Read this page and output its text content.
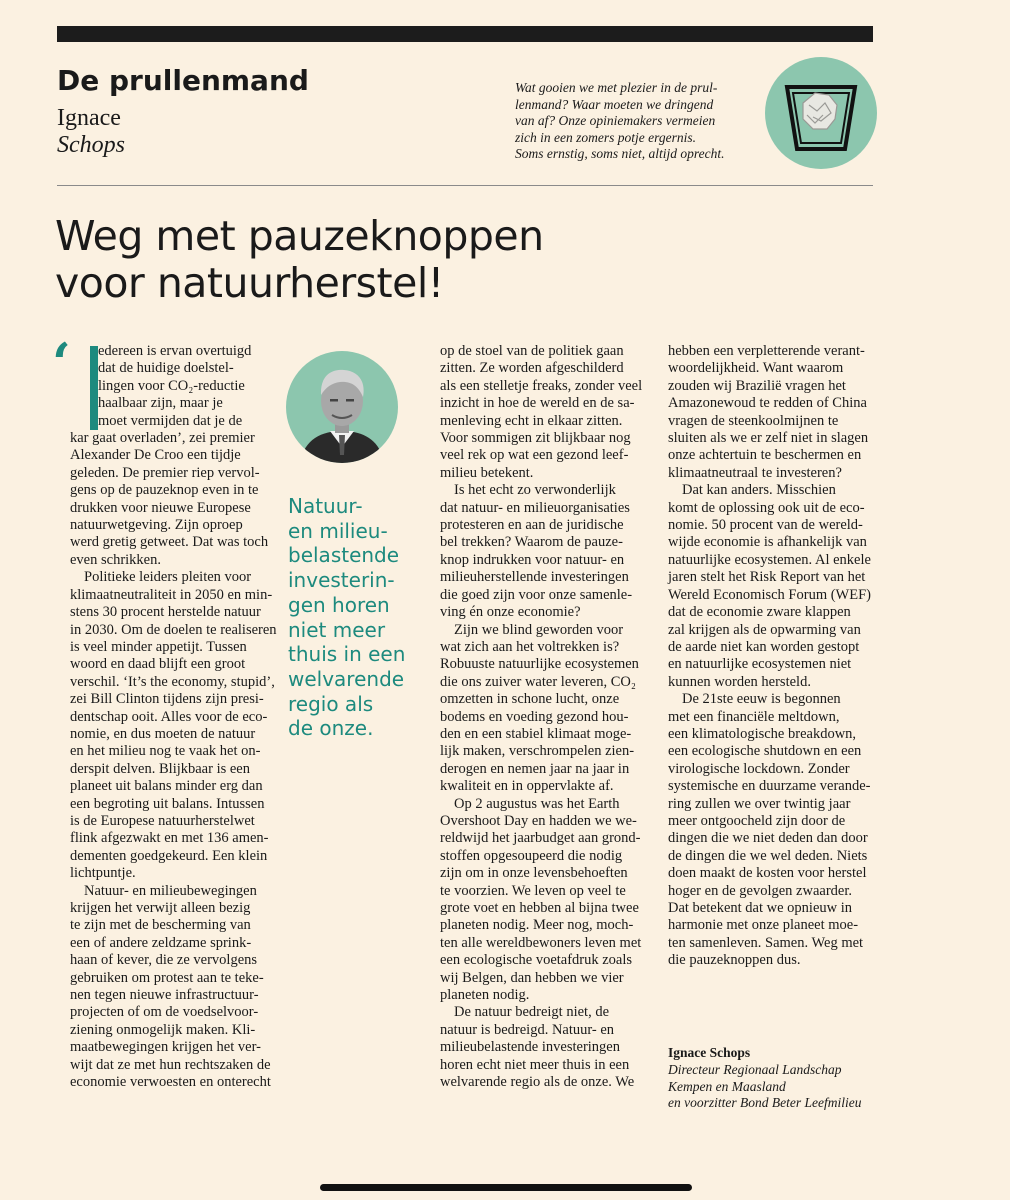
De prullenmand
Ignace
Schops
Wat gooien we met plezier in de prul-
lenmand? Waar moeten we dringend
van af? Onze opiniemakers vermeien
zich in een zomers potje ergernis.
Soms ernstig, soms niet, altijd oprecht.
Weg met pauzeknoppen
voor natuurherstel!
‘	edereen is ervan overtuigd
dat de huidige doelstel-
lingen voor CO₂-reductie
haalbaar zijn, maar je
moet vermijden dat je de
kar gaat overladen’, zei premier
Alexander De Croo een tijdje
geleden. De premier riep vervol-
gens op de pauzeknop even in te
drukken voor nieuwe Europese
natuurwetgeving. Zijn oproep
werd gretig getweet. Dat was toch
even schrikken.
Politieke leiders pleiten voor
klimaatneutraliteit in 2050 en min-
stens 30 procent herstelde natuur
in 2030. Om de doelen te realiseren
is veel minder appetijt. Tussen
woord en daad blijft een groot
verschil. ‘It’s the economy, stupid’,
zei Bill Clinton tijdens zijn presi-
dentschap ooit. Alles voor de eco-
nomie, en dus moeten de natuur
en het milieu nog te vaak het on-
derspit delven. Blijkbaar is een
planeet uit balans minder erg dan
een begroting uit balans. Intussen
is de Europese natuurherstelwet
flink afgezwakt en met 136 amen-
dementen goedgekeurd. Een klein
lichtpuntje.
Natuur- en milieubewegingen
krijgen het verwijt alleen bezig
te zijn met de bescherming van
een of andere zeldzame sprink-
haan of kever, die ze vervolgens
gebruiken om protest aan te teke-
nen tegen nieuwe infrastructuur-
projecten of om de voedselvoor-
ziening onmogelijk maken. Kli-
maatbewegingen krijgen het ver-
wijt dat ze met hun rechtszaken de
economie verwoesten en onterecht
Natuur-
en milieu-
belastende
investerin-
gen horen
niet meer
thuis in een
welvarende
regio als
de onze.
op de stoel van de politiek gaan
zitten. Ze worden afgeschilderd
als een stelletje freaks, zonder veel
inzicht in hoe de wereld en de sa-
menleving echt in elkaar zitten.
Voor sommigen zit blijkbaar nog
veel rek op wat een gezond leef-
milieu betekent.
Is het echt zo verwonderlijk
dat natuur- en milieuorganisaties
protesteren en aan de juridische
bel trekken? Waarom de pauze-
knop indrukken voor natuur- en
milieuherstellende investeringen
die goed zijn voor onze samenle-
ving én onze economie?
Zijn we blind geworden voor
wat zich aan het voltrekken is?
Robuuste natuurlijke ecosystemen
die ons zuiver water leveren, CO₂
omzetten in schone lucht, onze
bodems en voeding gezond hou-
den en een stabiel klimaat moge-
lijk maken, verschrompelen zien-
derogen en nemen jaar na jaar in
kwaliteit en in oppervlakte af.
Op 2 augustus was het Earth
Overshoot Day en hadden we we-
reldwijd het jaarbudget aan grond-
stoffen opgesoupeerd die nodig
zijn om in onze levensbehoeften
te voorzien. We leven op veel te
grote voet en hebben al bijna twee
planeten nodig. Meer nog, moch-
ten alle wereldbewoners leven met
een ecologische voetafdruk zoals
wij Belgen, dan hebben we vier
planeten nodig.
De natuur bedreigt niet, de
natuur is bedreigd. Natuur- en
milieubelastende investeringen
horen echt niet meer thuis in een
welvarende regio als de onze. We
hebben een verpletterende verant-
woordelijkheid. Want waarom
zouden wij Brazilië vragen het
Amazonewoud te redden of China
vragen de steenkoolmijnen te
sluiten als we er zelf niet in slagen
onze achtertuin te beschermen en
klimaatneutraal te investeren?
Dat kan anders. Misschien
komt de oplossing ook uit de eco-
nomie. 50 procent van de wereld-
wijde economie is afhankelijk van
natuurlijke ecosystemen. Al enkele
jaren stelt het Risk Report van het
Wereld Economisch Forum (WEF)
dat de economie zware klappen
zal krijgen als de opwarming van
de aarde niet kan worden gestopt
en natuurlijke ecosystemen niet
kunnen worden hersteld.
De 21ste eeuw is begonnen
met een financiële meltdown,
een klimatologische breakdown,
een ecologische shutdown en een
virologische lockdown. Zonder
systemische en duurzame verande-
ring zullen we over twintig jaar
meer ontgoocheld zijn door de
dingen die we niet deden dan door
de dingen die we wel deden. Niets
doen maakt de kosten voor herstel
hoger en de gevolgen zwaarder.
Dat betekent dat we opnieuw in
harmonie met onze planeet moe-
ten samenleven. Samen. Weg met
die pauzeknoppen dus.
Ignace Schops
Directeur Regionaal Landschap
Kempen en Maasland
en voorzitter Bond Beter Leefmilieu
